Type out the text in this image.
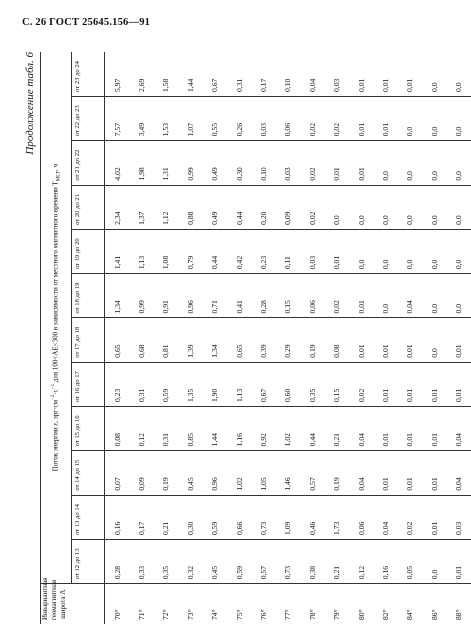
С. 26 ГОСТ 25645.156—91
Продолжение табл. 6
Инвариантная геомагнитная широта Λ	Поток энергии ε, $эрг\cdot см^{-2}\cdot с^{-1}$ для 100<AE<300 в зависимости от местного магнитного времени $T_{MLT}$, ч											
	от 12 до 13	от 13 до 14	от 14 до 15	от 15 до 16	от 16 до 17	от 17 до 18	от 18 до 19	от 19 до 20	от 20 до 21	от 21 до 22	от 22 до 23	от 23 до 24
70°	0,28	0,16	0,07	0,08	0,23	0,65	1,34	1,41	2,34	4,02	7,57	5,97
71°	0,33	0,17	0,09	0,12	0,31	0,68	0,99	1,13	1,37	1,98	3,49	2,69
72°	0,35	0,21	0,19	0,31	0,59	0,81	0,91	1,08	1,12	1,31	1,53	1,58
73°	0,32	0,30	0,45	0,85	1,35	1,39	0,96	0,79	0,88	0,99	1,07	1,44
74°	0,45	0,59	0,96	1,44	1,90	1,34	0,71	0,44	0,49	0,49	0,55	0,67
75°	0,59	0,66	1,02	1,16	1,13	0,65	0,41	0,42	0,44	0,30	0,26	0,31
76°	0,57	0,73	1,05	0,92	0,67	0,39	0,28	0,23	0,20	0,10	0,03	0,17
77°	0,73	1,09	1,46	1,02	0,60	0,29	0,15	0,11	0,09	0,03	0,06	0,10
78°	0,38	0,46	0,57	0,44	0,35	0,19	0,06	0,03	0,02	0,02	0,02	0,04
79°	0,21	1,73	0,19	0,21	0,15	0,08	0,02	0,01	0,0	0,01	0,02	0,03
80°	0,12	0,06	0,04	0,04	0,02	0,01	0,01	0,0	0,0	0,01	0,01	0,01
82°	0,16	0,04	0,01	0,01	0,01	0,01	0,0	0,0	0,0	0,0	0,01	0,01
84°	0,05	0,02	0,01	0,01	0,01	0,01	0,04	0,0	0,0	0,0	0,0	0,01
86°	0,0	0,01	0,01	0,01	0,01	0,0	0,0	0,0	0,0	0,0	0,0	0,0
88°	0,01	0,03	0,04	0,04	0,01	0,01	0,0	0,0	0,0	0,0	0,0	0,0
